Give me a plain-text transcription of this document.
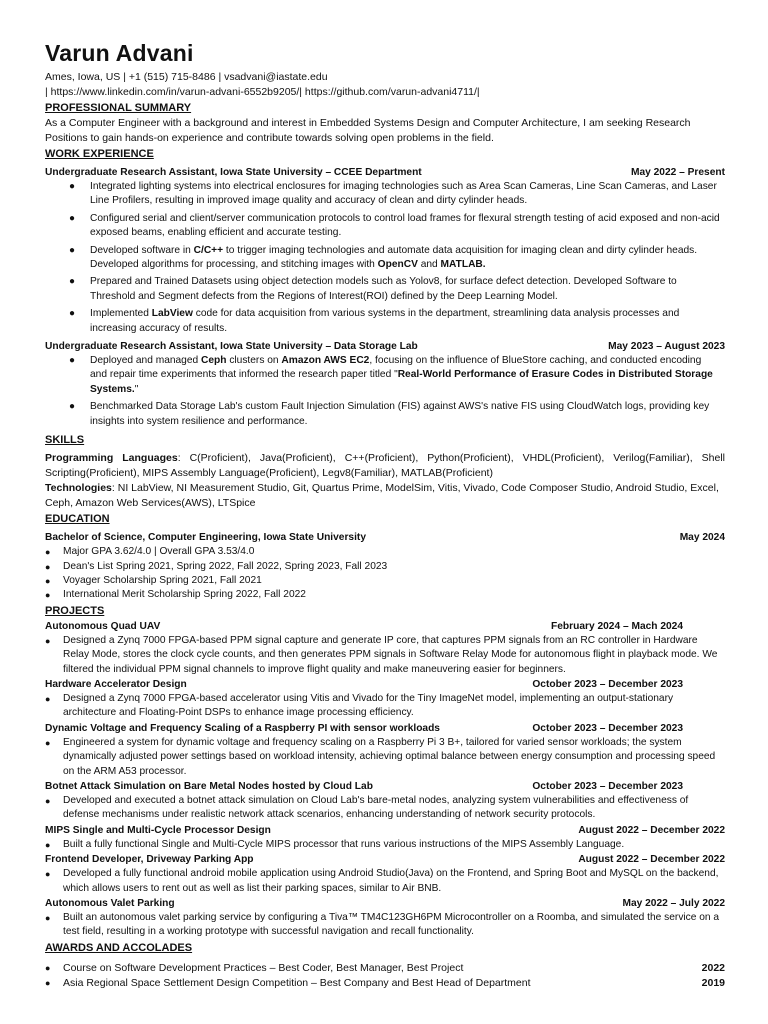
Varun Advani
Ames, Iowa, US | +1 (515) 715-8486 | vsadvani@iastate.edu
| https://www.linkedin.com/in/varun-advani-6552b9205/| https://github.com/varun-advani4711/|
PROFESSIONAL SUMMARY

As a Computer Engineer with a background and interest in Embedded Systems Design and Computer Architecture, I am seeking Research Positions to gain hands-on experience and contribute towards solving open problems in the field.

WORK EXPERIENCE
Undergraduate Research Assistant, Iowa State University – CCEE Department	May 2022 – Present
● Integrated lighting systems into electrical enclosures for imaging technologies such as Area Scan Cameras, Line Scan Cameras, and Laser Line Profilers, resulting in improved image quality and accuracy of clean and dirty cylinder heads.
● Configured serial and client/server communication protocols to control load frames for flexural strength testing of acid exposed and non-acid exposed beams, enabling efficient and accurate testing.
● Developed software in C/C++ to trigger imaging technologies and automate data acquisition for imaging clean and dirty cylinder heads. Developed algorithms for processing, and stitching images with OpenCV and MATLAB.
● Prepared and Trained Datasets using object detection models such as Yolov8, for surface defect detection. Developed Software to Threshold and Segment defects from the Regions of Interest(ROI) defined by the Deep Learning Model.
● Implemented LabView code for data acquisition from various systems in the department, streamlining data analysis processes and increasing accuracy of results.
Undergraduate Research Assistant, Iowa State University – Data Storage Lab	May 2023 – August 2023
● Deployed and managed Ceph clusters on Amazon AWS EC2, focusing on the influence of BlueStore caching, and conducted encoding and repair time experiments that informed the research paper titled "Real-World Performance of Erasure Codes in Distributed Storage Systems."
● Benchmarked Data Storage Lab's custom Fault Injection Simulation (FIS) against AWS's native FIS using CloudWatch logs, providing key insights into system resilience and performance.
SKILLS

Programming Languages: C(Proficient), Java(Proficient), C++(Proficient), Python(Proficient), VHDL(Proficient), Verilog(Familiar), Shell Scripting(Proficient), MIPS Assembly Language(Proficient), Legv8(Familiar), MATLAB(Proficient)

Technologies: NI LabView, NI Measurement Studio, Git, Quartus Prime, ModelSim, Vitis, Vivado, Code Composer Studio, Android Studio, Excel, Ceph, Amazon Web Services(AWS), LTSpice

EDUCATION
Bachelor of Science, Computer Engineering, Iowa State University	May 2024
● Major GPA 3.62/4.0 | Overall GPA 3.53/4.0
● Dean's List Spring 2021, Spring 2022, Fall 2022, Spring 2023, Fall 2023
● Voyager Scholarship Spring 2021, Fall 2021
● International Merit Scholarship Spring 2022, Fall 2022
PROJECTS
Autonomous Quad UAV	February 2024 – Mach 2024
● Designed a Zynq 7000 FPGA-based PPM signal capture and generate IP core, that captures PPM signals from an RC controller in Hardware Relay Mode, stores the clock cycle counts, and then generates PPM signals in Software Relay Mode for autonomous flight in playback mode. We filtered the individual PPM signal channels to improve flight quality and make maneuvering easier for beginners.
Hardware Accelerator Design	October 2023 – December 2023
● Designed a Zynq 7000 FPGA-based accelerator using Vitis and Vivado for the Tiny ImageNet model, implementing an output-stationary architecture and Floating-Point DSPs to enhance image processing efficiency.
Dynamic Voltage and Frequency Scaling of a Raspberry PI with sensor workloads	October 2023 – December 2023
● Engineered a system for dynamic voltage and frequency scaling on a Raspberry Pi 3 B+, tailored for varied sensor workloads; the system dynamically adjusted power settings based on workload intensity, achieving optimal balance between energy consumption and processing speed on the ARM A53 processor.
Botnet Attack Simulation on Bare Metal Nodes hosted by Cloud Lab	October 2023 – December 2023
● Developed and executed a botnet attack simulation on Cloud Lab's bare-metal nodes, analyzing system vulnerabilities and effectiveness of defense mechanisms under realistic network attack scenarios, enhancing understanding of network security protocols.
MIPS Single and Multi-Cycle Processor Design	August 2022 – December 2022
● Built a fully functional Single and Multi-Cycle MIPS processor that runs various instructions of the MIPS Assembly Language.
Frontend Developer, Driveway Parking App	August 2022 – December 2022
● Developed a fully functional android mobile application using Android Studio(Java) on the Frontend, and Spring Boot and MySQL on the backend, which allows users to rent out as well as list their parking spaces, similar to Air BNB.
Autonomous Valet Parking	May 2022 – July 2022
● Built an autonomous valet parking service by configuring a Tiva™ TM4C123GH6PM Microcontroller on a Roomba, and simulated the service on a test field, resulting in a working prototype with successful navigation and recall functionality.
AWARDS AND ACCOLADES
● Course on Software Development Practices – Best Coder, Best Manager, Best Project	2022
● Asia Regional Space Settlement Design Competition – Best Company and Best Head of Department	2019
